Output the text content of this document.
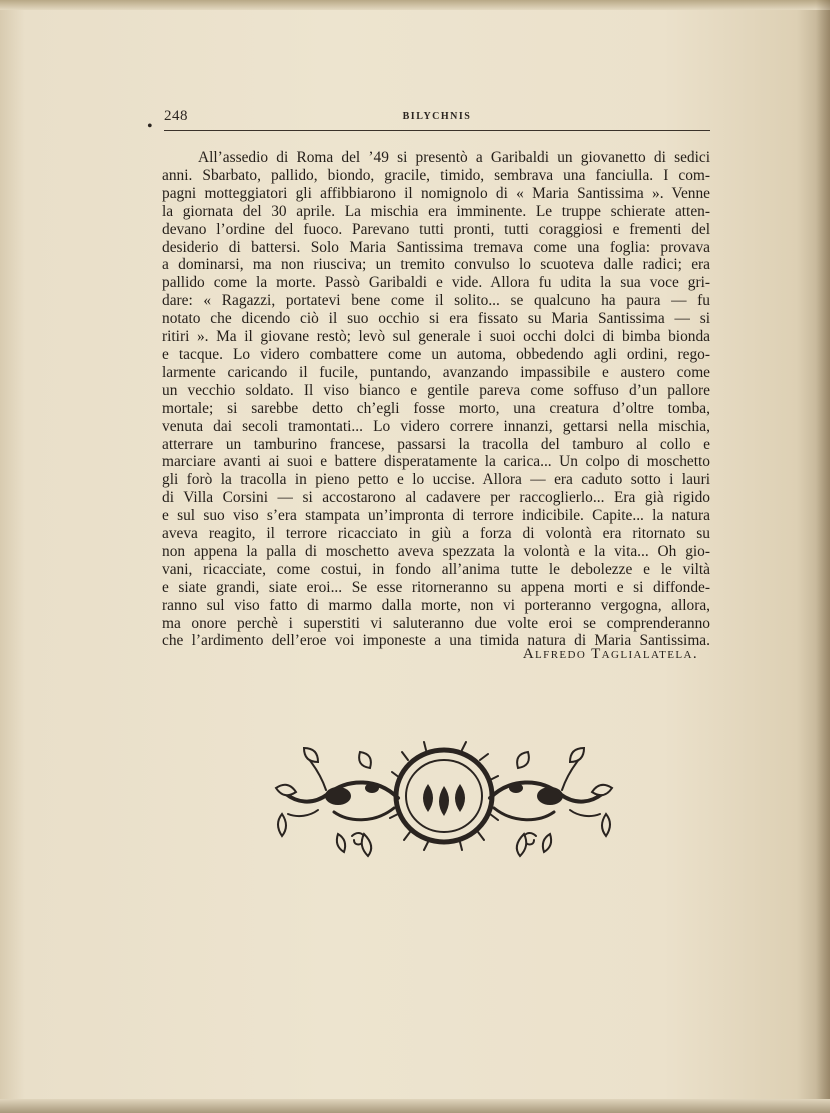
•
248	BILYCHNIS
All’assedio di Roma del ’49 si presentò a Garibaldi un giovanetto di sedici
anni. Sbarbato, pallido, biondo, gracile, timido, sembrava una fanciulla. I com-
pagni motteggiatori gli affibbiarono il nomignolo di « Maria Santissima ». Venne
la giornata del 30 aprile. La mischia era imminente. Le truppe schierate atten-
devano l’ordine del fuoco. Parevano tutti pronti, tutti coraggiosi e frementi del
desiderio di battersi. Solo Maria Santissima tremava come una foglia: provava
a dominarsi, ma non riusciva; un tremito convulso lo scuoteva dalle radici; era
pallido come la morte. Passò Garibaldi e vide. Allora fu udita la sua voce gri-
dare: « Ragazzi, portatevi bene come il solito... se qualcuno ha paura — fu
notato che dicendo ciò il suo occhio si era fissato su Maria Santissima — si
ritiri ». Ma il giovane restò; levò sul generale i suoi occhi dolci di bimba bionda
e tacque. Lo videro combattere come un automa, obbedendo agli ordini, rego-
larmente caricando il fucile, puntando, avanzando impassibile e austero come
un vecchio soldato. Il viso bianco e gentile pareva come soffuso d’un pallore
mortale; si sarebbe detto ch’egli fosse morto, una creatura d’oltre tomba,
venuta dai secoli tramontati... Lo videro correre innanzi, gettarsi nella mischia,
atterrare un tamburino francese, passarsi la tracolla del tamburo al collo e
marciare avanti ai suoi e battere disperatamente la carica... Un colpo di moschetto
gli forò la tracolla in pieno petto e lo uccise. Allora — era caduto sotto i lauri
di Villa Corsini — si accostarono al cadavere per raccoglierlo... Era già rigido
e sul suo viso s’era stampata un’impronta di terrore indicibile. Capite... la natura
aveva reagito, il terrore ricacciato in giù a forza di volontà era ritornato su
non appena la palla di moschetto aveva spezzata la volontà e la vita... Oh gio-
vani, ricacciate, come costui, in fondo all’anima tutte le debolezze e le viltà
e siate grandi, siate eroi... Se esse ritorneranno su appena morti e si diffonde-
ranno sul viso fatto di marmo dalla morte, non vi porteranno vergogna, allora,
ma onore perchè i superstiti vi saluteranno due volte eroi se comprenderanno
che l’ardimento dell’eroe voi imponeste a una timida natura di Maria Santissima.
Alfredo Taglialatela.
